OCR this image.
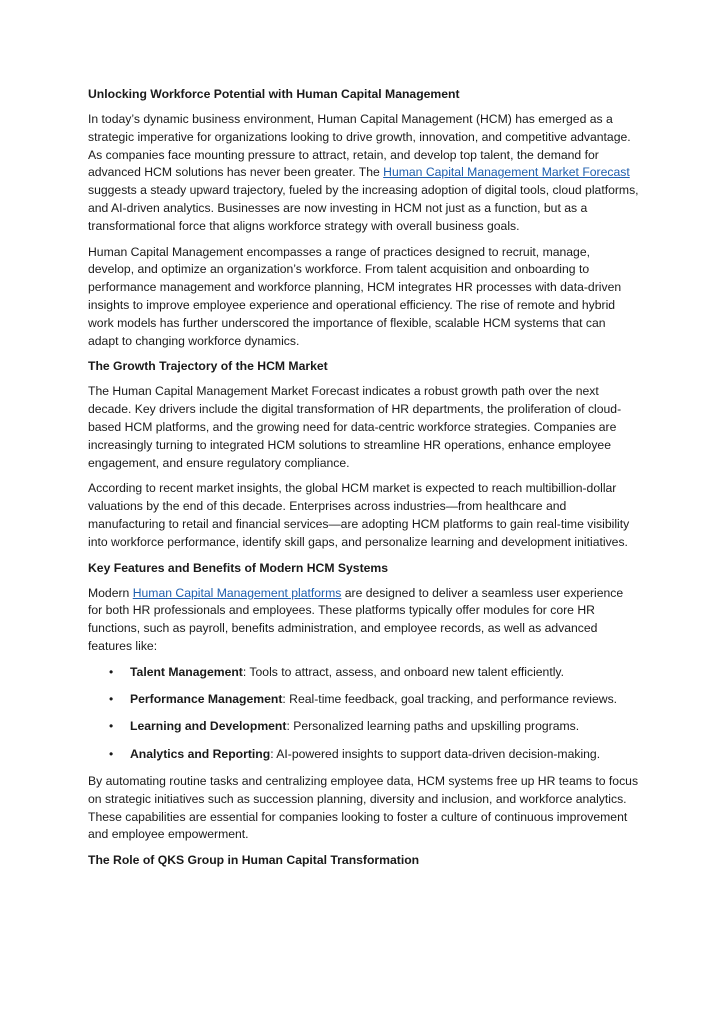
Unlocking Workforce Potential with Human Capital Management

In today’s dynamic business environment, Human Capital Management (HCM) has emerged as a strategic imperative for organizations looking to drive growth, innovation, and competitive advantage. As companies face mounting pressure to attract, retain, and develop top talent, the demand for advanced HCM solutions has never been greater. The Human Capital Management Market Forecast suggests a steady upward trajectory, fueled by the increasing adoption of digital tools, cloud platforms, and AI-driven analytics. Businesses are now investing in HCM not just as a function, but as a transformational force that aligns workforce strategy with overall business goals.

Human Capital Management encompasses a range of practices designed to recruit, manage, develop, and optimize an organization’s workforce. From talent acquisition and onboarding to performance management and workforce planning, HCM integrates HR processes with data-driven insights to improve employee experience and operational efficiency. The rise of remote and hybrid work models has further underscored the importance of flexible, scalable HCM systems that can adapt to changing workforce dynamics.

The Growth Trajectory of the HCM Market

The Human Capital Management Market Forecast indicates a robust growth path over the next decade. Key drivers include the digital transformation of HR departments, the proliferation of cloud-based HCM platforms, and the growing need for data-centric workforce strategies. Companies are increasingly turning to integrated HCM solutions to streamline HR operations, enhance employee engagement, and ensure regulatory compliance.

According to recent market insights, the global HCM market is expected to reach multibillion-dollar valuations by the end of this decade. Enterprises across industries—from healthcare and manufacturing to retail and financial services—are adopting HCM platforms to gain real-time visibility into workforce performance, identify skill gaps, and personalize learning and development initiatives.

Key Features and Benefits of Modern HCM Systems

Modern Human Capital Management platforms are designed to deliver a seamless user experience for both HR professionals and employees. These platforms typically offer modules for core HR functions, such as payroll, benefits administration, and employee records, as well as advanced features like:

• Talent Management: Tools to attract, assess, and onboard new talent efficiently.
• Performance Management: Real-time feedback, goal tracking, and performance reviews.
• Learning and Development: Personalized learning paths and upskilling programs.
• Analytics and Reporting: AI-powered insights to support data-driven decision-making.

By automating routine tasks and centralizing employee data, HCM systems free up HR teams to focus on strategic initiatives such as succession planning, diversity and inclusion, and workforce analytics. These capabilities are essential for companies looking to foster a culture of continuous improvement and employee empowerment.

The Role of QKS Group in Human Capital Transformation
